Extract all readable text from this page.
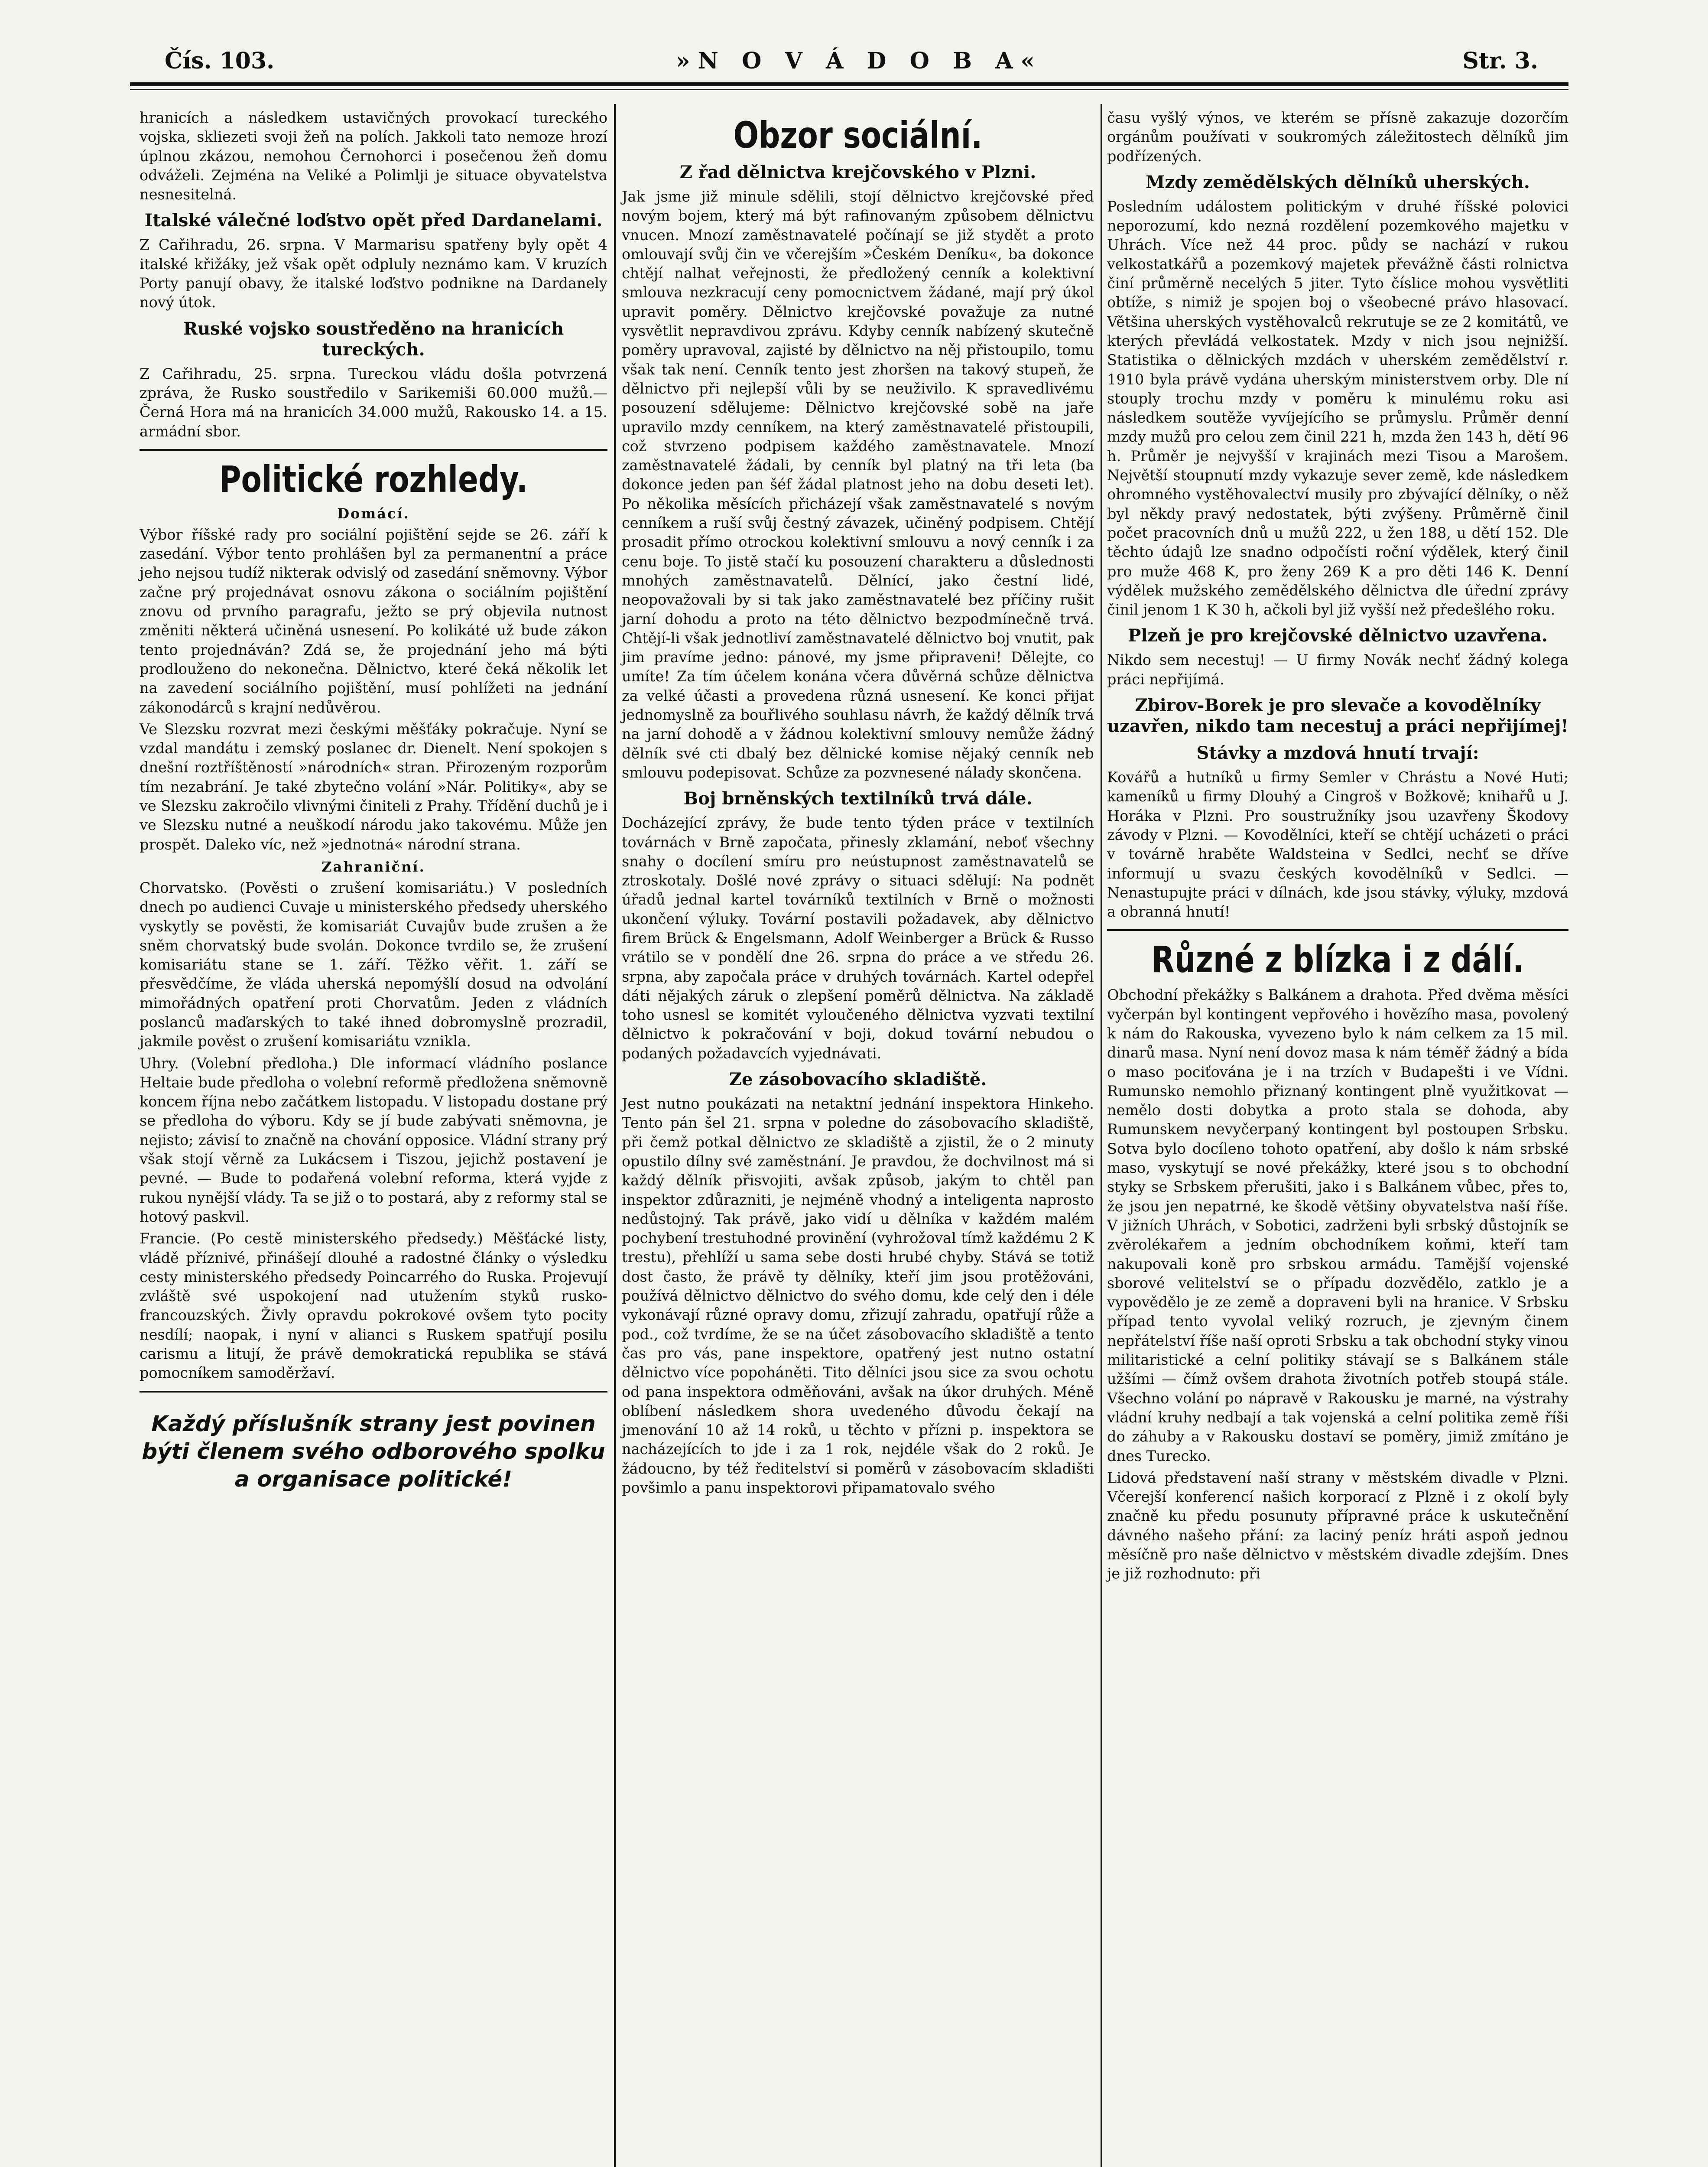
Čís. 103.	»N O V Á D O B A«	Str. 3.

hranicích a následkem ustavičných provokací tureckého vojska, skliezeti svoji žeň na polích. Jakkoli tato nemoze hrozí úplnou zkázou, nemohou Černohorci i posečenou žeň domu odváželi. Zejména na Veliké a Polimlji je situace obyvatelstva nesnesitelná.

Italské válečné loďstvo opět před Dardanelami.

Z Cařihradu, 26. srpna. V Marmarisu spatřeny byly opět 4 italské křižáky, jež však opět odpluly neznámo kam. V kruzích Porty panují obavy, že italské loďstvo podnikne na Dardanely nový útok.

Ruské vojsko soustředěno na hranicích tureckých.

Z Cařihradu, 25. srpna. Tureckou vládu došla potvrzená zpráva, že Rusko soustředilo v Sarikemiši 60.000 mužů.— Černá Hora má na hranicích 34.000 mužů, Rakousko 14. a 15. armádní sbor.

Politické rozhledy.
Domácí.

Výbor říšské rady pro sociální pojištění sejde se 26. září k zasedání. Výbor tento prohlášen byl za permanentní a práce jeho nejsou tudíž nikterak odvislý od zasedání sněmovny. Výbor začne prý projednávat osnovu zákona o sociálním pojištění znovu od prvního paragrafu, ježto se prý objevila nutnost změniti některá učiněná usnesení. Po kolikáté už bude zákon tento projednáván? Zdá se, že projednání jeho má býti prodlouženo do nekonečna. Dělnictvo, které čeká několik let na zavedení sociálního pojištění, musí pohlížeti na jednání zákonodárců s krajní nedůvěrou.

Ve Slezsku rozvrat mezi českými měšťáky pokračuje. Nyní se vzdal mandátu i zemský poslanec dr. Dienelt. Není spokojen s dnešní roztříštěností »národních« stran. Přirozeným rozporům tím nezabrání. Je také zbytečno volání »Nár. Politiky«, aby se ve Slezsku zakročilo vlivnými činiteli z Prahy. Třídění duchů je i ve Slezsku nutné a neuškodí národu jako takovému. Může jen prospět. Daleko víc, než »jednotná« národní strana.

Zahraniční.

Chorvatsko. (Pověsti o zrušení komisariátu.) V posledních dnech po audienci Cuvaje u ministerského předsedy uherského vyskytly se pověsti, že komisariát Cuvajův bude zrušen a že sněm chorvatský bude svolán. Dokonce tvrdilo se, že zrušení komisariátu stane se 1. září. Těžko věřit. 1. září se přesvědčíme, že vláda uherská nepomýšlí dosud na odvolání mimořádných opatření proti Chorvatům. Jeden z vládních poslanců maďarských to také ihned dobromyslně prozradil, jakmile pověst o zrušení komisariátu vznikla.

Uhry. (Volební předloha.) Dle informací vládního poslance Heltaie bude předloha o volební reformě předložena sněmovně koncem října nebo začátkem listopadu. V listopadu dostane prý se předloha do výboru. Kdy se jí bude zabývati sněmovna, je nejisto; závisí to značně na chování opposice. Vládní strany prý však stojí věrně za Lukácsem i Tiszou, jejichž postavení je pevné. — Bude to podařená volební reforma, která vyjde z rukou nynější vlády. Ta se již o to postará, aby z reformy stal se hotový paskvil.

Francie. (Po cestě ministerského předsedy.) Měšťácké listy, vládě příznivé, přinášejí dlouhé a radostné články o výsledku cesty ministerského předsedy Poincarrého do Ruska. Projevují zvláště své uspokojení nad utužením styků rusko-francouzských. Živly opravdu pokrokové ovšem tyto pocity nesdílí; naopak, i nyní v alianci s Ruskem spatřují posilu carismu a litují, že právě demokratická republika se stává pomocníkem samoděržaví.

Každý příslušník strany jest povinen býti členem svého odborového spolku a organisace politické!
Obzor sociální.
Z řad dělnictva krejčovského v Plzni.

Jak jsme již minule sdělili, stojí dělnictvo krejčovské před novým bojem, který má být rafinovaným způsobem dělnictvu vnucen. Mnozí zaměstnavatelé počínají se již stydět a proto omlouvají svůj čin ve včerejším »Českém Deníku«, ba dokonce chtějí nalhat veřejnosti, že předložený cenník a kolektivní smlouva nezkracují ceny pomocnictvem žádané, mají prý úkol upravit poměry. Dělnictvo krejčovské považuje za nutné vysvětlit nepravdivou zprávu. Kdyby cenník nabízený skutečně poměry upravoval, zajisté by dělnictvo na něj přistoupilo, tomu však tak není. Cenník tento jest zhoršen na takový stupeň, že dělnictvo při nejlepší vůli by se neuživilo. K spravedlivému posouzení sdělujeme: Dělnictvo krejčovské sobě na jaře upravilo mzdy cenníkem, na který zaměstnavatelé přistoupili, což stvrzeno podpisem každého zaměstnavatele. Mnozí zaměstnavatelé žádali, by cenník byl platný na tři leta (ba dokonce jeden pan šéf žádal platnost jeho na dobu deseti let). Po několika měsících přicházejí však zaměstnavatelé s novým cenníkem a ruší svůj čestný závazek, učiněný podpisem. Chtějí prosadit přímo otrockou kolektivní smlouvu a nový cenník i za cenu boje. To jistě stačí ku posouzení charakteru a důslednosti mnohých zaměstnavatelů. Dělnící, jako čestní lidé, neopovažovali by si tak jako zaměstnavatelé bez příčiny rušit jarní dohodu a proto na této dělnictvo bezpodmínečně trvá. Chtějí-li však jednotliví zaměstnavatelé dělnictvo boj vnutit, pak jim pravíme jedno: pánové, my jsme připraveni! Dělejte, co umíte! Za tím účelem konána včera důvěrná schůze dělnictva za velké účasti a provedena různá usnesení. Ke konci přijat jednomyslně za bouřlivého souhlasu návrh, že každý dělník trvá na jarní dohodě a v žádnou kolektivní smlouvy nemůže žádný dělník své cti dbalý bez dělnické komise nějaký cenník neb smlouvu podepisovat. Schůze za pozvnesené nálady skončena.

Boj brněnských textilníků trvá dále.

Docházející zprávy, že bude tento týden práce v textilních továrnách v Brně započata, přinesly zklamání, neboť všechny snahy o docílení smíru pro neústupnost zaměstnavatelů se ztroskotaly. Došlé nové zprávy o situaci sdělují: Na podnět úřadů jednal kartel továrníků textilních v Brně o možnosti ukončení výluky. Tovární postavili požadavek, aby dělnictvo firem Brück & Engelsmann, Adolf Weinberger a Brück & Russo vrátilo se v pondělí dne 26. srpna do práce a ve středu 26. srpna, aby započala práce v druhých továrnách. Kartel odepřel dáti nějakých záruk o zlepšení poměrů dělnictva. Na základě toho usnesl se komitét vyloučeného dělnictva vyzvati textilní dělnictvo k pokračování v boji, dokud tovární nebudou o podaných požadavcích vyjednávati.

Ze zásobovacího skladiště.

Jest nutno poukázati na netaktní jednání inspektora Hinkeho. Tento pán šel 21. srpna v poledne do zásobovacího skladiště, při čemž potkal dělnictvo ze skladiště a zjistil, že o 2 minuty opustilo dílny své zaměstnání. Je pravdou, že dochvilnost má si každý dělník přisvojiti, avšak způsob, jakým to chtěl pan inspektor zdůrazniti, je nejméně vhodný a inteligenta naprosto nedůstojný. Tak právě, jako vidí u dělníka v každém malém pochybení trestuhodné provinění (vyhrožoval tímž každému 2 K trestu), přehlíží u sama sebe dosti hrubé chyby. Stává se totiž dost často, že právě ty dělníky, kteří jim jsou protěžováni, používá dělnictvo dělnictvo do svého domu, kde celý den i déle vykonávají různé opravy domu, zřizují zahradu, opatřují růže a pod., což tvrdíme, že se na účet zásobovacího skladiště a tento čas pro vás, pane inspektore, opatřený jest nutno ostatní dělnictvo více popoháněti. Tito dělníci jsou sice za svou ochotu od pana inspektora odměňováni, avšak na úkor druhých. Méně oblíbení následkem shora uvedeného důvodu čekají na jmenování 10 až 14 roků, u těchto v přízni p. inspektora se nacházejících to jde i za 1 rok, nejdéle však do 2 roků. Je žádoucno, by též ředitelství si poměrů v zásobovacím skladišti povšimlo a panu inspektorovi připamatovalo svého

času vyšlý výnos, ve kterém se přísně zakazuje dozorčím orgánům používati v soukromých záležitostech dělníků jim podřízených.

Mzdy zemědělských dělníků uherských.

Posledním událostem politickým v druhé říšské polovici neporozumí, kdo nezná rozdělení pozemkového majetku v Uhrách. Více než 44 proc. půdy se nachází v rukou velkostatkářů a pozemkový majetek převážně části rolnictva činí průměrně necelých 5 jiter. Tyto číslice mohou vysvětliti obtíže, s nimiž je spojen boj o všeobecné právo hlasovací. Většina uherských vystěhovalců rekrutuje se ze 2 komitátů, ve kterých převládá velkostatek. Mzdy v nich jsou nejnižší. Statistika o dělnických mzdách v uherském zemědělství r. 1910 byla právě vydána uherským ministerstvem orby. Dle ní stouply trochu mzdy v poměru k minulému roku asi následkem soutěže vyvíjejícího se průmyslu. Průměr denní mzdy mužů pro celou zem činil 221 h, mzda žen 143 h, dětí 96 h. Průměr je nejvyšší v krajinách mezi Tisou a Marošem. Největší stoupnutí mzdy vykazuje sever země, kde následkem ohromného vystěhovalectví musily pro zbývající dělníky, o něž byl někdy pravý nedostatek, býti zvýšeny. Průměrně činil počet pracovních dnů u mužů 222, u žen 188, u dětí 152. Dle těchto údajů lze snadno odpočísti roční výdělek, který činil pro muže 468 K, pro ženy 269 K a pro děti 146 K. Denní výdělek mužského zemědělského dělnictva dle úřední zprávy činil jenom 1 K 30 h, ačkoli byl již vyšší než předešlého roku.

Plzeň je pro krejčovské dělnictvo uzavřena.

Nikdo sem necestuj! — U firmy Novák nechť žádný kolega práci nepřijímá.

Zbirov-Borek je pro slevače a kovodělníky uzavřen, nikdo tam necestuj a práci nepřijímej!
Stávky a mzdová hnutí trvají:

Kovářů a hutníků u firmy Semler v Chrástu a Nové Huti; kameníků u firmy Dlouhý a Cingroš v Božkově; knihařů u J. Horáka v Plzni. Pro soustružníky jsou uzavřeny Škodovy závody v Plzni. — Kovodělníci, kteří se chtějí ucházeti o práci v továrně hraběte Waldsteina v Sedlci, nechť se dříve informují u svazu českých kovodělníků v Sedlci. — Nenastupujte práci v dílnách, kde jsou stávky, výluky, mzdová a obranná hnutí!

Různé z blízka i z dálí.

Obchodní překážky s Balkánem a drahota. Před dvěma měsíci vyčerpán byl kontingent vepřového i hovězího masa, povolený k nám do Rakouska, vyvezeno bylo k nám celkem za 15 mil. dinarů masa. Nyní není dovoz masa k nám téměř žádný a bída o maso pociťována je i na trzích v Budapešti i ve Vídni. Rumunsko nemohlo přiznaný kontingent plně využitkovat — nemělo dosti dobytka a proto stala se dohoda, aby Rumunskem nevyčerpaný kontingent byl postoupen Srbsku. Sotva bylo docíleno tohoto opatření, aby došlo k nám srbské maso, vyskytují se nové překážky, které jsou s to obchodní styky se Srbskem přerušiti, jako i s Balkánem vůbec, přes to, že jsou jen nepatrné, ke škodě většiny obyvatelstva naší říše. V jižních Uhrách, v Sobotici, zadrženi byli srbský důstojník se zvěrolékařem a jedním obchodníkem koňmi, kteří tam nakupovali koně pro srbskou armádu. Tamější vojenské sborové velitelství se o případu dozvědělo, zatklo je a vypovědělo je ze země a dopraveni byli na hranice. V Srbsku případ tento vyvolal veliký rozruch, je zjevným činem nepřátelství říše naší oproti Srbsku a tak obchodní styky vinou militaristické a celní politiky stávají se s Balkánem stále užšími — čímž ovšem drahota životních potřeb stoupá stále. Všechno volání po nápravě v Rakousku je marné, na výstrahy vládní kruhy nedbají a tak vojenská a celní politika země říši do záhuby a v Rakousku dostaví se poměry, jimiž zmítáno je dnes Turecko.

Lidová představení naší strany v městském divadle v Plzni. Včerejší konferencí našich korporací z Plzně i z okolí byly značně ku předu posunuty přípravné práce k uskutečnění dávného našeho přání: za laciný peníz hráti aspoň jednou měsíčně pro naše dělnictvo v městském divadle zdejším. Dnes je již rozhodnuto: při
